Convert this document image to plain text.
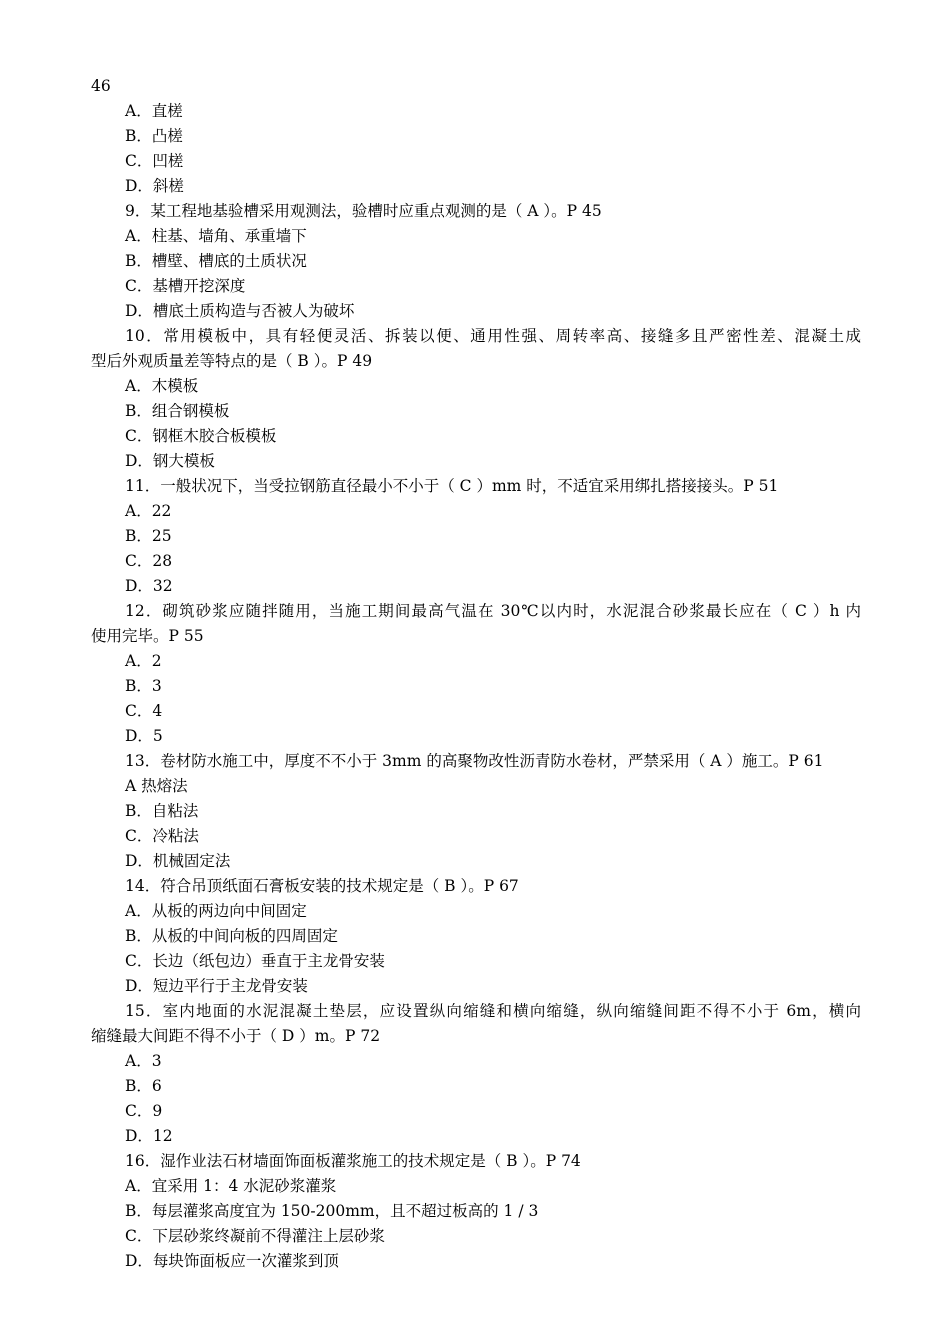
46
A．直槎
B．凸槎
C．凹槎
D．斜槎
9．某工程地基验槽采用观测法，验槽时应重点观测的是（ A ）。P 45
A．柱基、墙角、承重墙下
B．槽壁、槽底的土质状况
C．基槽开挖深度
D．槽底土质构造与否被人为破坏
10．常用模板中，具有轻便灵活、拆装以便、通用性强、周转率高、接缝多且严密性差、混凝土成
型后外观质量差等特点的是（ B ）。P 49
A．木模板
B．组合钢模板
C．钢框木胶合板模板
D．钢大模板
11．一般状况下，当受拉钢筋直径最小不小于（ C ）mm 时，不适宜采用绑扎搭接接头。P 51
A．22
B．25
C．28
D．32
12．砌筑砂浆应随拌随用，当施工期间最高气温在 30℃以内时，水泥混合砂浆最长应在（ C ）h 内
使用完毕。P 55
A．2
B．3
C．4
D．5
13．卷材防水施工中，厚度不不小于 3mm 的高聚物改性沥青防水卷材，严禁采用（ A ）施工。P 61
A 热熔法
B．自粘法
C．冷粘法
D．机械固定法
14．符合吊顶纸面石膏板安装的技术规定是（ B ）。P 67
A．从板的两边向中间固定
B．从板的中间向板的四周固定
C．长边（纸包边）垂直于主龙骨安装
D．短边平行于主龙骨安装
15．室内地面的水泥混凝土垫层，应设置纵向缩缝和横向缩缝，纵向缩缝间距不得不小于 6m，横向
缩缝最大间距不得不小于（ D ）m。P 72
A．3
B．6
C．9
D．12
16．湿作业法石材墙面饰面板灌浆施工的技术规定是（ B ）。P 74
A．宜采用 1：4 水泥砂浆灌浆
B．每层灌浆高度宜为 150-200mm，且不超过板高的 1 / 3
C．下层砂浆终凝前不得灌注上层砂浆
D．每块饰面板应一次灌浆到顶
